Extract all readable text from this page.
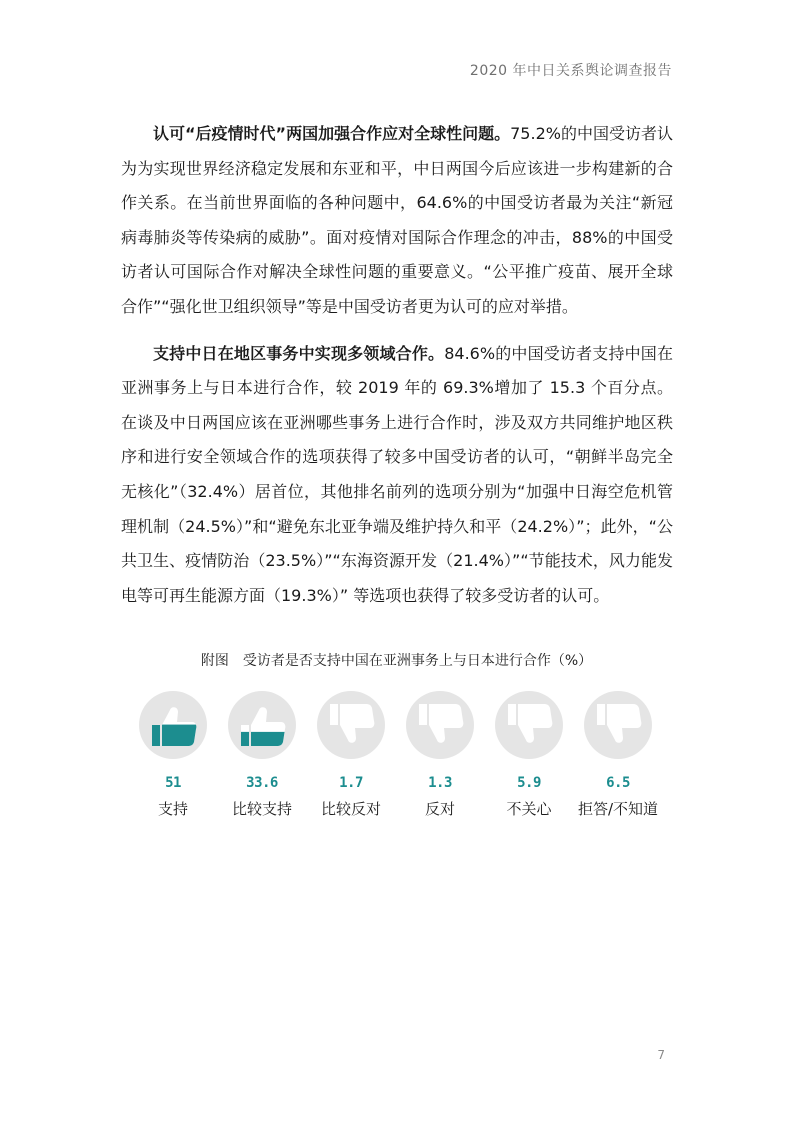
2020 年中日关系舆论调查报告

认可“后疫情时代”两国加强合作应对全球性问题。75.2%的中国受访者认为为实现世界经济稳定发展和东亚和平，中日两国今后应该进一步构建新的合作关系。在当前世界面临的各种问题中，64.6%的中国受访者最为关注“新冠病毒肺炎等传染病的威胁”。面对疫情对国际合作理念的冲击，88%的中国受访者认可国际合作对解决全球性问题的重要意义。“公平推广疫苗、展开全球合作”“强化世卫组织领导”等是中国受访者更为认可的应对举措。

支持中日在地区事务中实现多领域合作。84.6%的中国受访者支持中国在亚洲事务上与日本进行合作，较 2019 年的 69.3%增加了 15.3 个百分点。在谈及中日两国应该在亚洲哪些事务上进行合作时，涉及双方共同维护地区秩序和进行安全领域合作的选项获得了较多中国受访者的认可，“朝鲜半岛完全无核化”（32.4%）居首位，其他排名前列的选项分别为“加强中日海空危机管理机制（24.5%）”和“避免东北亚争端及维护持久和平（24.2%）”；此外，“公共卫生、疫情防治（23.5%）”“东海资源开发（21.4%）”“节能技术，风力能发电等可再生能源方面（19.3%）” 等选项也获得了较多受访者的认可。

附图　受访者是否支持中国在亚洲事务上与日本进行合作（%）
51
支持
33.6
比较支持
1.7
比较反对
1.3
反对
5.9
不关心
6.5
拒答/不知道
7
